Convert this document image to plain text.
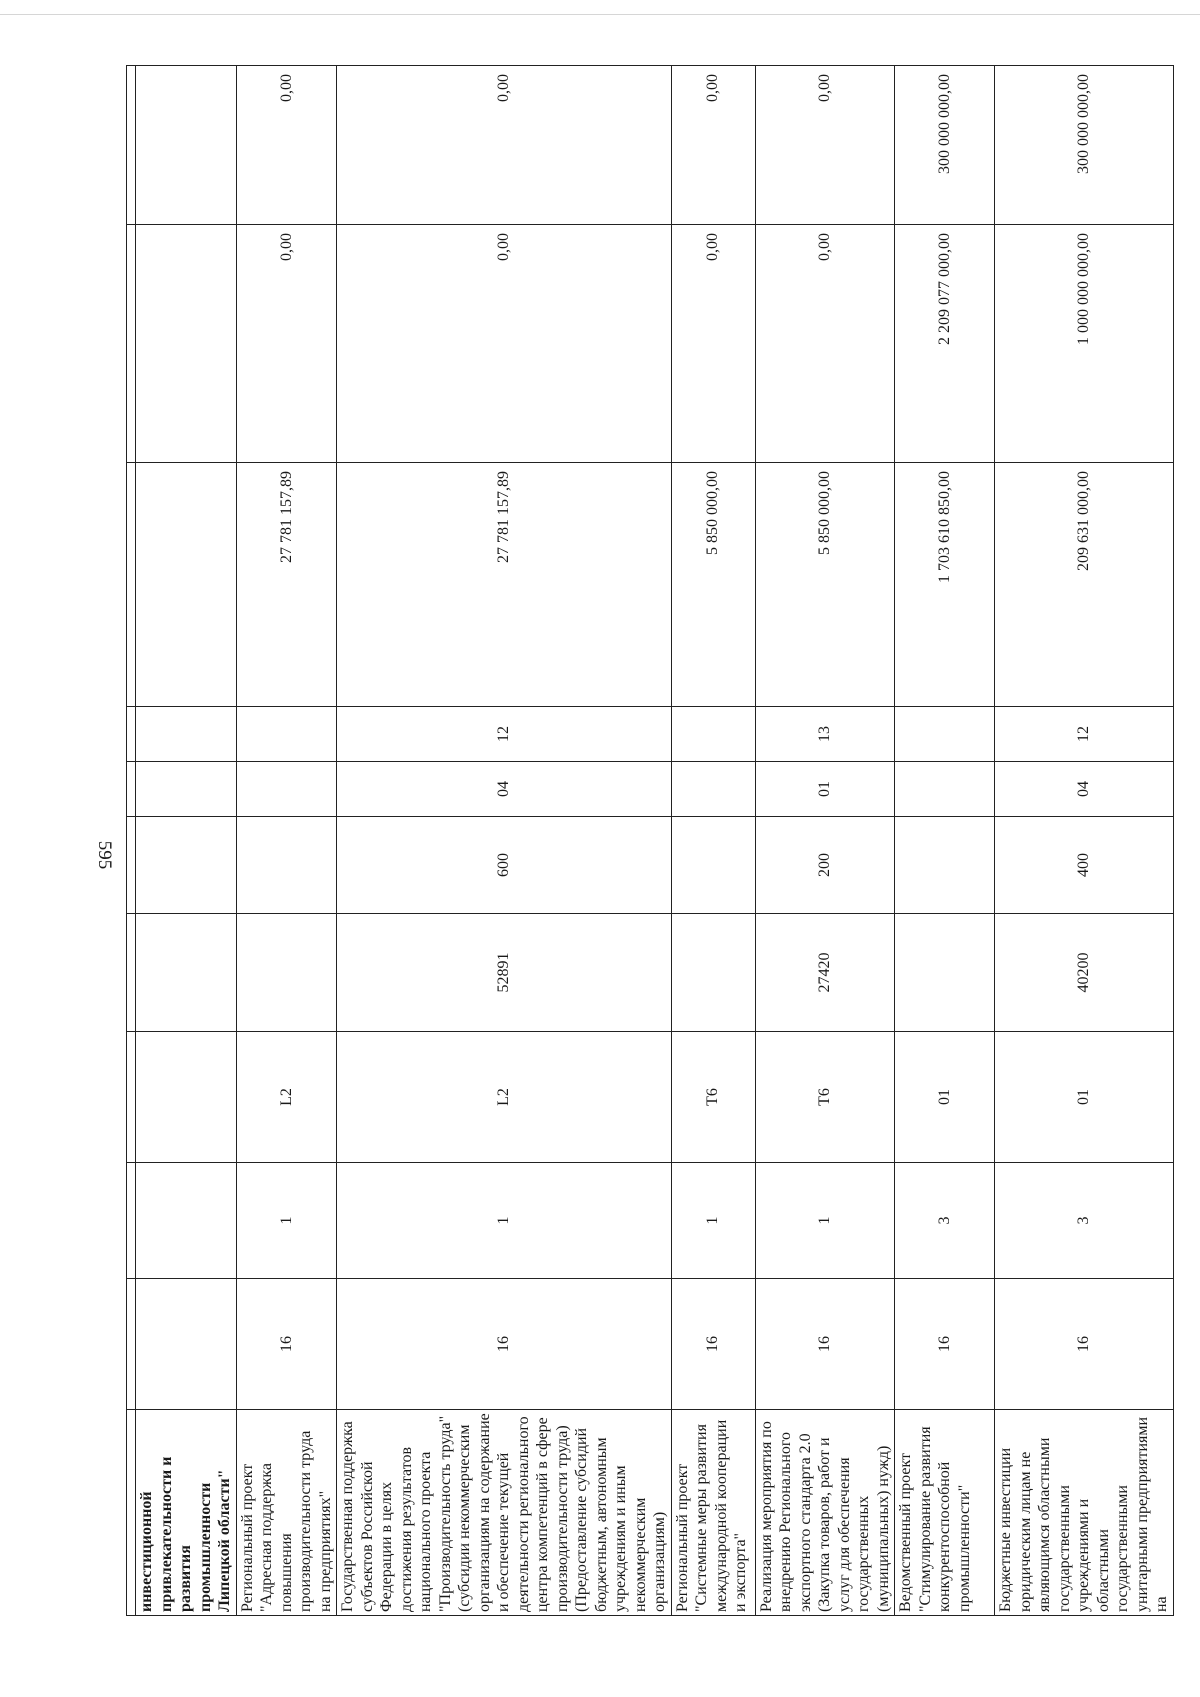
595

инвестиционной привлекательности и развития промышленности Липецкой области"										
Региональный проект "Адресная поддержка повышения производительности труда на предприятиях"	16	1	L2					27 781 157,89	0,00	0,00
Государственная поддержка субъектов Российской Федерации в целях достижения результатов национального проекта "Производительность труда" (субсидии некоммерческим организациям на содержание и обеспечение текущей деятельности регионального центра компетенций в сфере производительности труда) (Предоставление субсидий бюджетным, автономным учреждениям и иным некоммерческим организациям)	16	1	L2	52891	600	04	12	27 781 157,89	0,00	0,00
Региональный проект "Системные меры развития международной кооперации и экспорта"	16	1	T6					5 850 000,00	0,00	0,00
Реализация мероприятия по внедрению Регионального экспортного стандарта 2.0 (Закупка товаров, работ и услуг для обеспечения государственных (муниципальных) нужд)	16	1	T6	27420	200	01	13	5 850 000,00	0,00	0,00
Ведомственный проект "Стимулирование развития конкурентоспособной промышленности"	16	3	01					1 703 610 850,00	2 209 077 000,00	300 000 000,00
Бюджетные инвестиции юридическим лицам не являющимся областными государственными учреждениями и областными государственными унитарными предприятиями на	16	3	01	40200	400	04	12	209 631 000,00	1 000 000 000,00	300 000 000,00
